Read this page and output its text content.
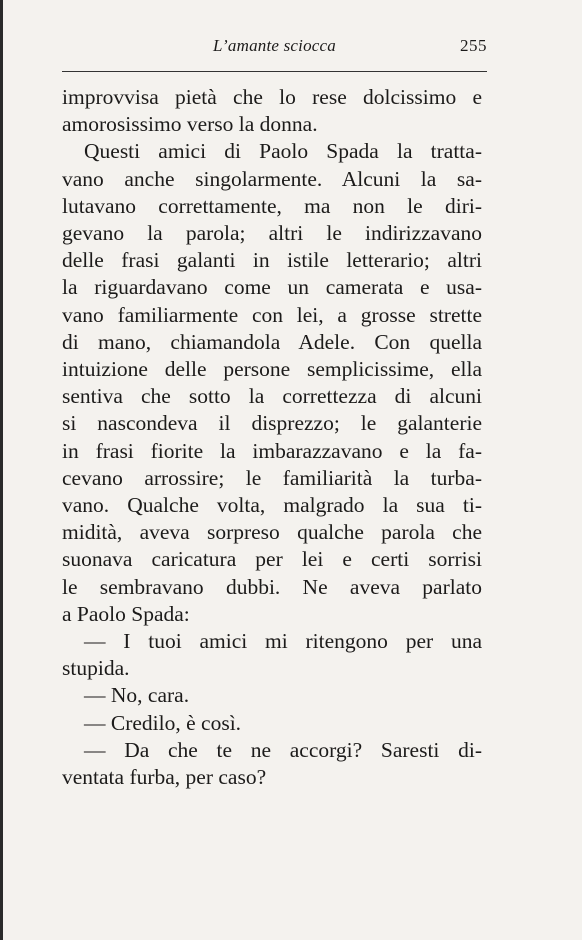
L’amante sciocca	255
improvvisa pietà che lo rese dolcissimo e
amorosissimo verso la donna.
Questi amici di Paolo Spada la tratta-
vano anche singolarmente. Alcuni la sa-
lutavano correttamente, ma non le diri-
gevano la parola; altri le indirizzavano
delle frasi galanti in istile letterario; altri
la riguardavano come un camerata e usa-
vano familiarmente con lei, a grosse strette
di mano, chiamandola Adele. Con quella
intuizione delle persone semplicissime, ella
sentiva che sotto la correttezza di alcuni
si nascondeva il disprezzo; le galanterie
in frasi fiorite la imbarazzavano e la fa-
cevano arrossire; le familiarità la turba-
vano. Qualche volta, malgrado la sua ti-
midità, aveva sorpreso qualche parola che
suonava caricatura per lei e certi sorrisi
le sembravano dubbi. Ne aveva parlato
a Paolo Spada:
— I tuoi amici mi ritengono per una
stupida.
— No, cara.
— Credilo, è così.
— Da che te ne accorgi? Saresti di-
ventata furba, per caso?
